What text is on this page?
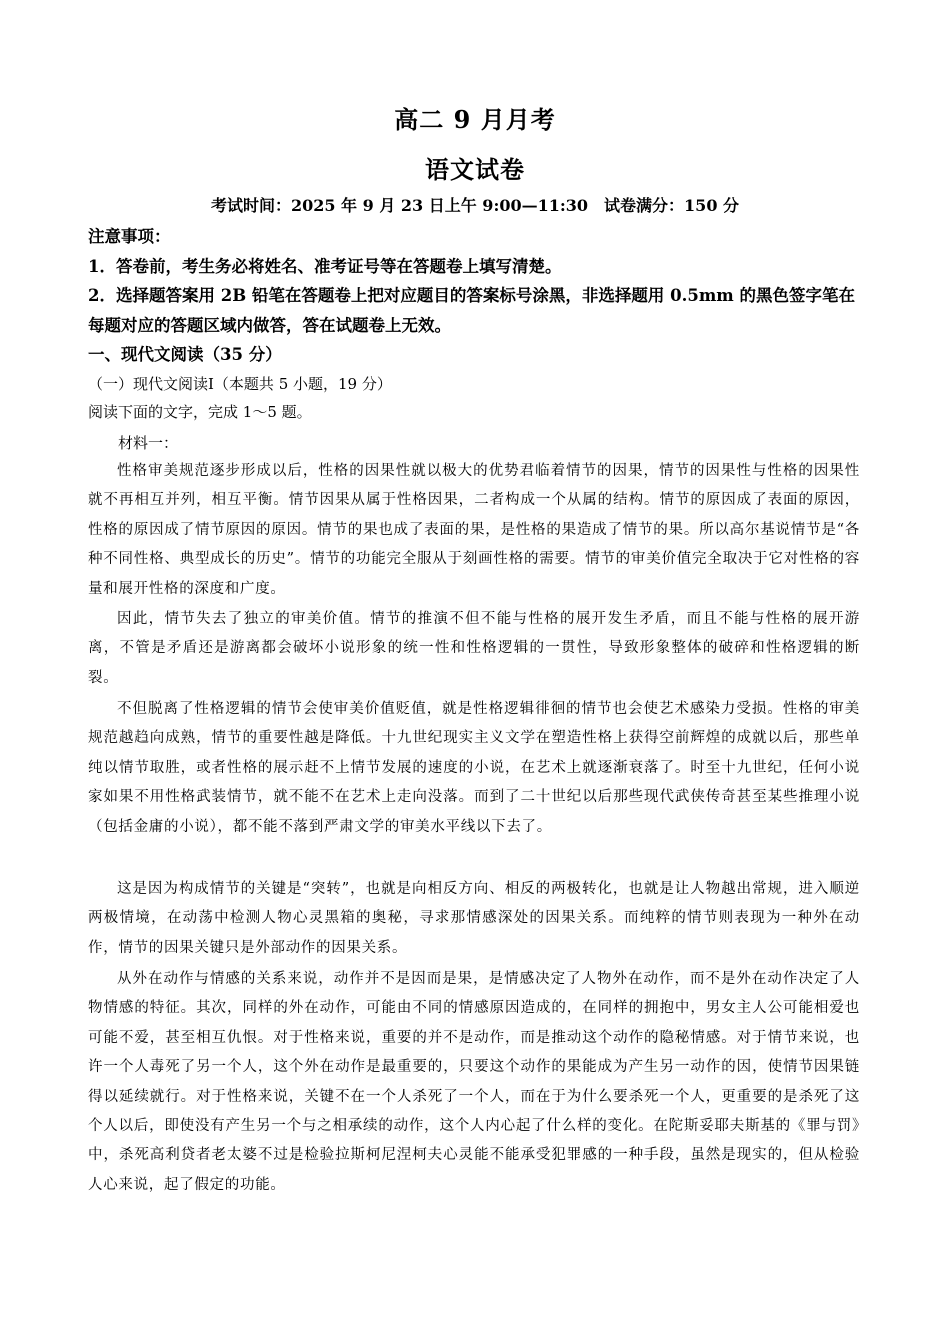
高二 9 月月考
语文试卷
考试时间：2025 年 9 月 23 日上午 9:00—11:30　试卷满分：150 分
注意事项：
1．答卷前，考生务必将姓名、准考证号等在答题卷上填写清楚。
2．选择题答案用 2B 铅笔在答题卷上把对应题目的答案标号涂黑，非选择题用 0.5mm 的黑色签字笔在每题对应的答题区域内做答，答在试题卷上无效。
一、现代文阅读（35 分）
（一）现代文阅读Ⅰ（本题共 5 小题，19 分）
阅读下面的文字，完成 1～5 题。
材料一：

性格审美规范逐步形成以后，性格的因果性就以极大的优势君临着情节的因果，情节的因果性与性格的因果性就不再相互并列，相互平衡。情节因果从属于性格因果，二者构成一个从属的结构。情节的原因成了表面的原因，性格的原因成了情节原因的原因。情节的果也成了表面的果，是性格的果造成了情节的果。所以高尔基说情节是“各种不同性格、典型成长的历史”。情节的功能完全服从于刻画性格的需要。情节的审美价值完全取决于它对性格的容量和展开性格的深度和广度。

因此，情节失去了独立的审美价值。情节的推演不但不能与性格的展开发生矛盾，而且不能与性格的展开游离，不管是矛盾还是游离都会破坏小说形象的统一性和性格逻辑的一贯性，导致形象整体的破碎和性格逻辑的断裂。

不但脱离了性格逻辑的情节会使审美价值贬值，就是性格逻辑徘徊的情节也会使艺术感染力受损。性格的审美规范越趋向成熟，情节的重要性越是降低。十九世纪现实主义文学在塑造性格上获得空前辉煌的成就以后，那些单纯以情节取胜，或者性格的展示赶不上情节发展的速度的小说，在艺术上就逐渐衰落了。时至十九世纪，任何小说家如果不用性格武装情节，就不能不在艺术上走向没落。而到了二十世纪以后那些现代武侠传奇甚至某些推理小说（包括金庸的小说），都不能不落到严肃文学的审美水平线以下去了。

这是因为构成情节的关键是“突转”，也就是向相反方向、相反的两极转化，也就是让人物越出常规，进入顺逆两极情境，在动荡中检测人物心灵黑箱的奥秘，寻求那情感深处的因果关系。而纯粹的情节则表现为一种外在动作，情节的因果关键只是外部动作的因果关系。

从外在动作与情感的关系来说，动作并不是因而是果，是情感决定了人物外在动作，而不是外在动作决定了人物情感的特征。其次，同样的外在动作，可能由不同的情感原因造成的，在同样的拥抱中，男女主人公可能相爱也可能不爱，甚至相互仇恨。对于性格来说，重要的并不是动作，而是推动这个动作的隐秘情感。对于情节来说，也许一个人毒死了另一个人，这个外在动作是最重要的，只要这个动作的果能成为产生另一动作的因，使情节因果链得以延续就行。对于性格来说，关键不在一个人杀死了一个人，而在于为什么要杀死一个人，更重要的是杀死了这个人以后，即使没有产生另一个与之相承续的动作，这个人内心起了什么样的变化。在陀斯妥耶夫斯基的《罪与罚》中，杀死高利贷者老太婆不过是检验拉斯柯尼涅柯夫心灵能不能承受犯罪感的一种手段，虽然是现实的，但从检验人心来说，起了假定的功能。
